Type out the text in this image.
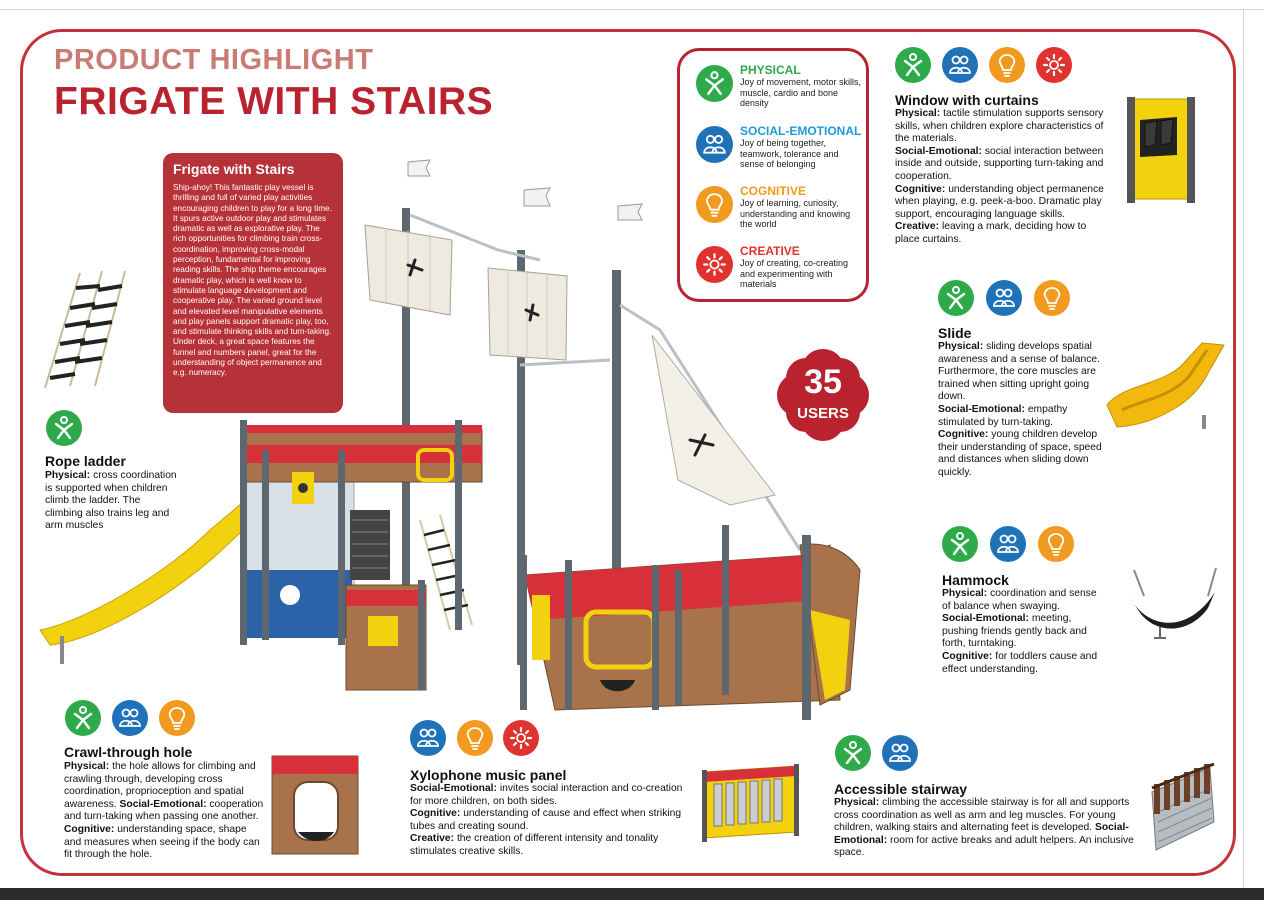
PRODUCT HIGHLIGHT
FRIGATE WITH STAIRS
Frigate with Stairs

Ship-ahoy! This fantastic play vessel is thrilling and full of varied play activities encouraging children to play for a long time. It spurs active outdoor play and stimulates dramatic as well as explorative play. The rich opportunities for climbing train cross-coordination, improving cross-modal perception, fundamental for improving reading skills. The ship theme encourages dramatic play, which is well know to stimulate language development and cooperative play. The varied ground level and elevated level manipulative elements and play panels support dramatic play, too, and stimulate thinking skills and turn-taking. Under deck, a great space features the funnel and numbers panel, great for the understanding of object permanence and e.g. numeracy.

PHYSICAL
Joy of movement, motor skills, muscle, cardio and bone density
SOCIAL-EMOTIONAL
Joy of being together, teamwork, tolerance and sense of belonging
COGNITIVE
Joy of learning, curiosity, understanding and knowing the world
CREATIVE
Joy of creating, co-creating and experimenting with materials
35
USERS
Rope ladder
Physical: cross coordination is supported when children climb the ladder. The climbing also trains leg and arm muscles
Window with curtains
Physical: tactile stimulation supports sensory skills, when children explore characteristics of the materials.
Social-Emotional: social interaction between inside and outside, supporting turn-taking and cooperation.
Cognitive: understanding object permanence when playing, e.g. peek-a-boo. Dramatic play support, encouraging language skills.
Creative: leaving a mark, deciding how to place curtains.
Slide
Physical: sliding develops spatial awareness and a sense of balance. Furthermore, the core muscles are trained when sitting upright going down.
Social-Emotional: empathy stimulated by turn-taking.
Cognitive: young children develop their understanding of space, speed and distances when sliding down quickly.
Hammock
Physical: coordination and sense of balance when swaying.
Social-Emotional: meeting, pushing friends gently back and forth, turntaking.
Cognitive: for toddlers cause and effect understanding.
Crawl-through hole
Physical: the hole allows for climbing and crawling through, developing cross coordination, proprioception and spatial awareness. Social-Emotional: cooperation and turn-taking when passing one another. Cognitive: understanding space, shape and measures when seeing if the body can fit through the hole.
Xylophone music panel
Social-Emotional: invites social interaction and co-creation for more children, on both sides.
Cognitive: understanding of cause and effect when striking tubes and creating sound.
Creative: the creation of different intensity and tonality stimulates creative skills.
Accessible stairway
Physical: climbing the accessible stairway is for all and supports cross coordination as well as arm and leg muscles. For young children, walking stairs and alternating feet is developed. Social-Emotional: room for active breaks and adult helpers. An inclusive space.
